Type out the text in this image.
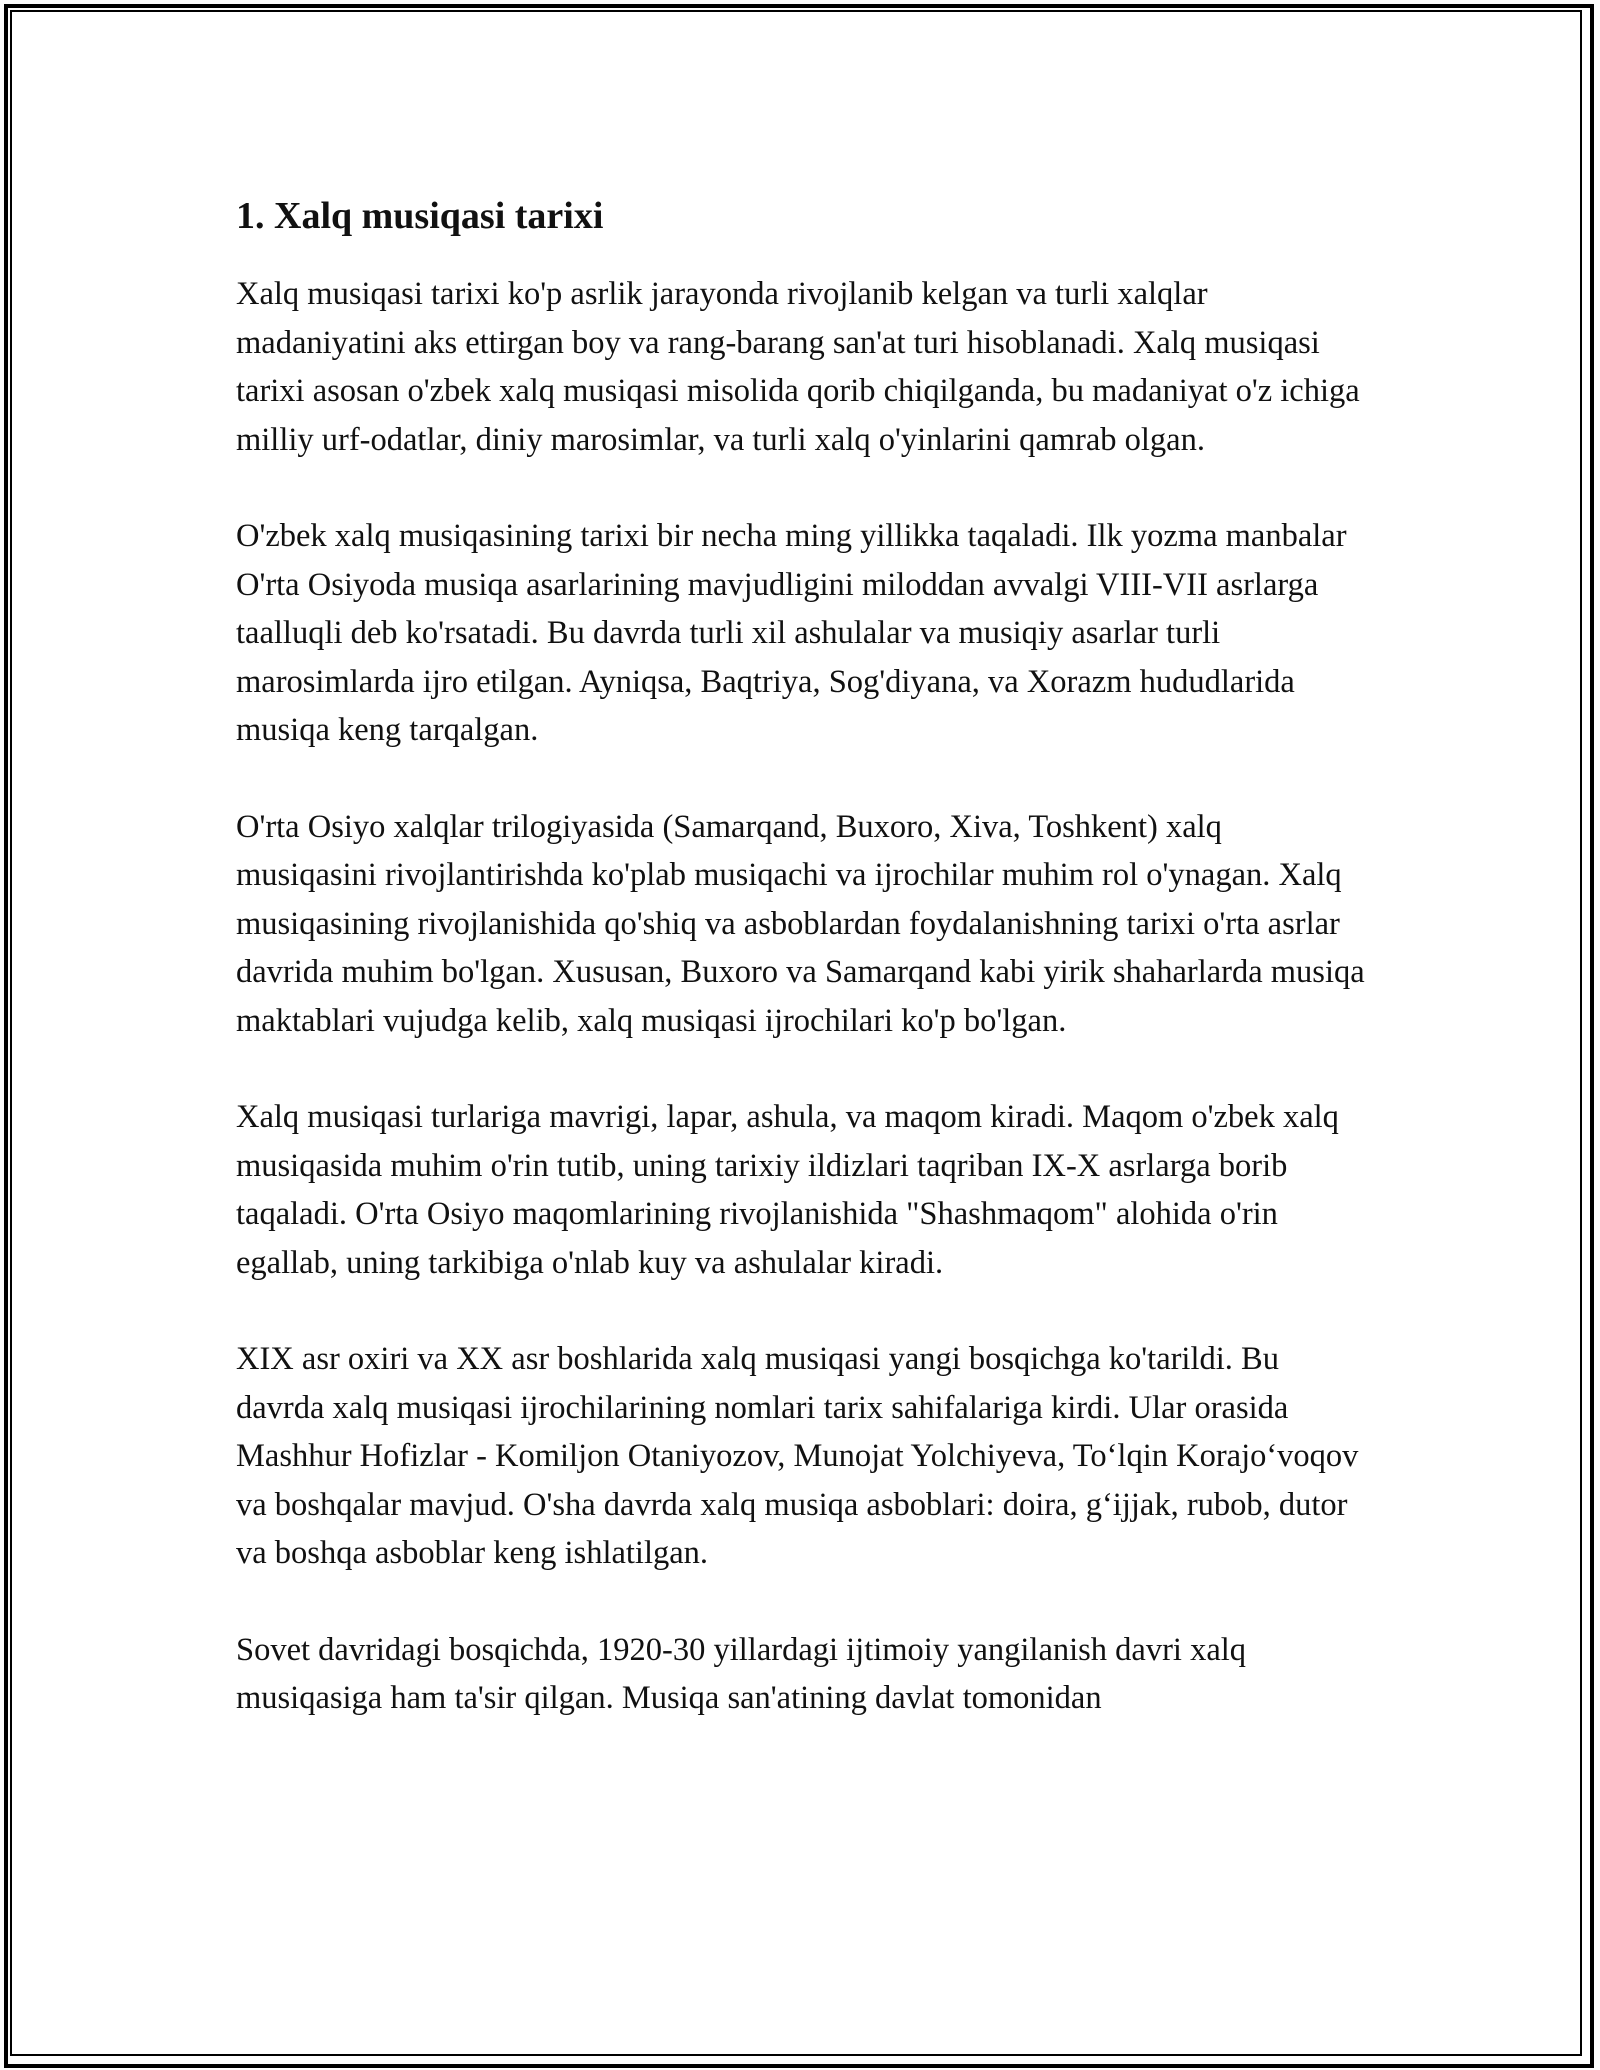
1. Xalq musiqasi tarixi

Xalq musiqasi tarixi ko'p asrlik jarayonda rivojlanib kelgan va turli xalqlar madaniyatini aks ettirgan boy va rang-barang san'at turi hisoblanadi. Xalq musiqasi tarixi asosan o'zbek xalq musiqasi misolida qorib chiqilganda, bu madaniyat o'z ichiga milliy urf-odatlar, diniy marosimlar, va turli xalq o'yinlarini qamrab olgan.

O'zbek xalq musiqasining tarixi bir necha ming yillikka taqaladi. Ilk yozma manbalar O'rta Osiyoda musiqa asarlarining mavjudligini miloddan avvalgi VIII-VII asrlarga taalluqli deb ko'rsatadi. Bu davrda turli xil ashulalar va musiqiy asarlar turli marosimlarda ijro etilgan. Ayniqsa, Baqtriya, Sog'diyana, va Xorazm hududlarida musiqa keng tarqalgan.

O'rta Osiyo xalqlar trilogiyasida (Samarqand, Buxoro, Xiva, Toshkent) xalq musiqasini rivojlantirishda ko'plab musiqachi va ijrochilar muhim rol o'ynagan. Xalq musiqasining rivojlanishida qo'shiq va asboblardan foydalanishning tarixi o'rta asrlar davrida muhim bo'lgan. Xususan, Buxoro va Samarqand kabi yirik shaharlarda musiqa maktablari vujudga kelib, xalq musiqasi ijrochilari ko'p bo'lgan.

Xalq musiqasi turlariga mavrigi, lapar, ashula, va maqom kiradi. Maqom o'zbek xalq musiqasida muhim o'rin tutib, uning tarixiy ildizlari taqriban IX-X asrlarga borib taqaladi. O'rta Osiyo maqomlarining rivojlanishida "Shashmaqom" alohida o'rin egallab, uning tarkibiga o'nlab kuy va ashulalar kiradi.

XIX asr oxiri va XX asr boshlarida xalq musiqasi yangi bosqichga ko'tarildi. Bu davrda xalq musiqasi ijrochilarining nomlari tarix sahifalariga kirdi. Ular orasida Mashhur Hofizlar - Komiljon Otaniyozov, Munojat Yolchiyeva, To‘lqin Korajo‘voqov va boshqalar mavjud. O'sha davrda xalq musiqa asboblari: doira, g‘ijjak, rubob, dutor va boshqa asboblar keng ishlatilgan.

Sovet davridagi bosqichda, 1920-30 yillardagi ijtimoiy yangilanish davri xalq musiqasiga ham ta'sir qilgan. Musiqa san'atining davlat tomonidan
